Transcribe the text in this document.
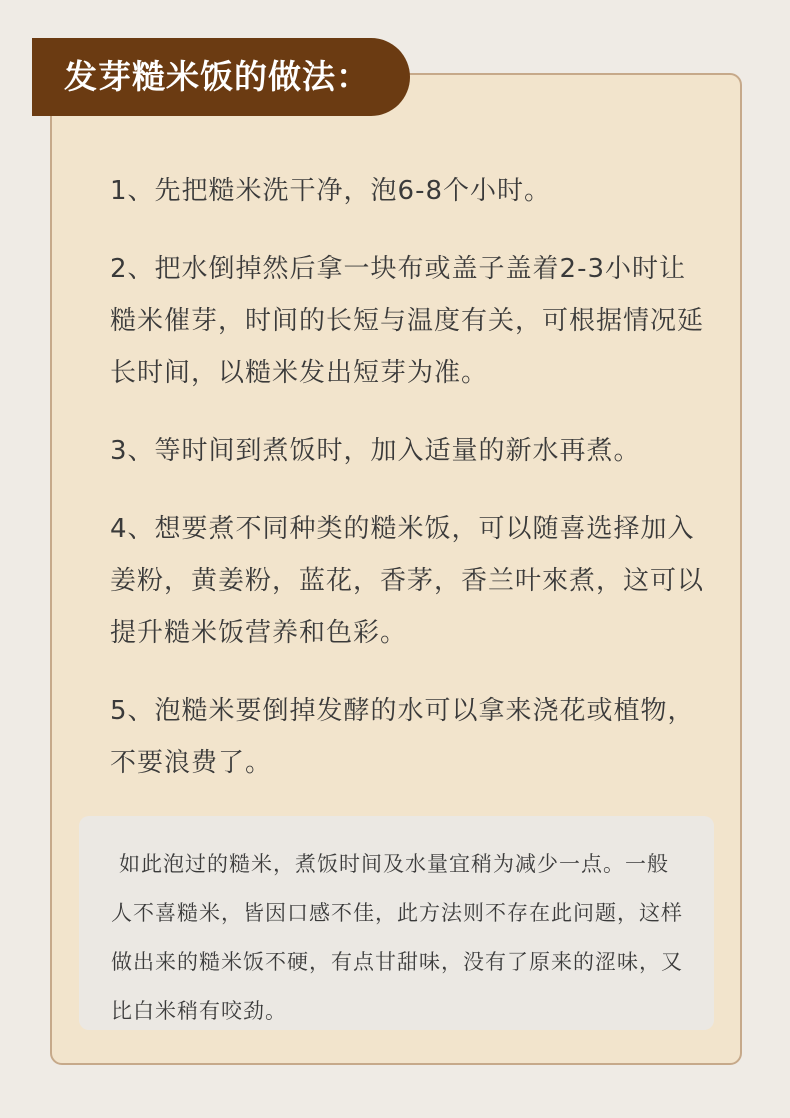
发芽糙米饭的做法：
1、先把糙米洗干净，泡6-8个小时。
2、把水倒掉然后拿一块布或盖子盖着2-3小时让糙米催芽，时间的长短与温度有关，可根据情况延长时间，以糙米发出短芽为准。
3、等时间到煮饭时，加入适量的新水再煮。
4、想要煮不同种类的糙米饭，可以随喜选择加入姜粉，黄姜粉，蓝花，香茅，香兰叶來煮，这可以提升糙米饭营养和色彩。
5、泡糙米要倒掉发酵的水可以拿来浇花或植物，不要浪费了。

如此泡过的糙米，煮饭时间及水量宜稍为减少一点。一般人不喜糙米，皆因口感不佳，此方法则不存在此问题，这样做出来的糙米饭不硬，有点甘甜味，没有了原来的涩味，又比白米稍有咬劲。
